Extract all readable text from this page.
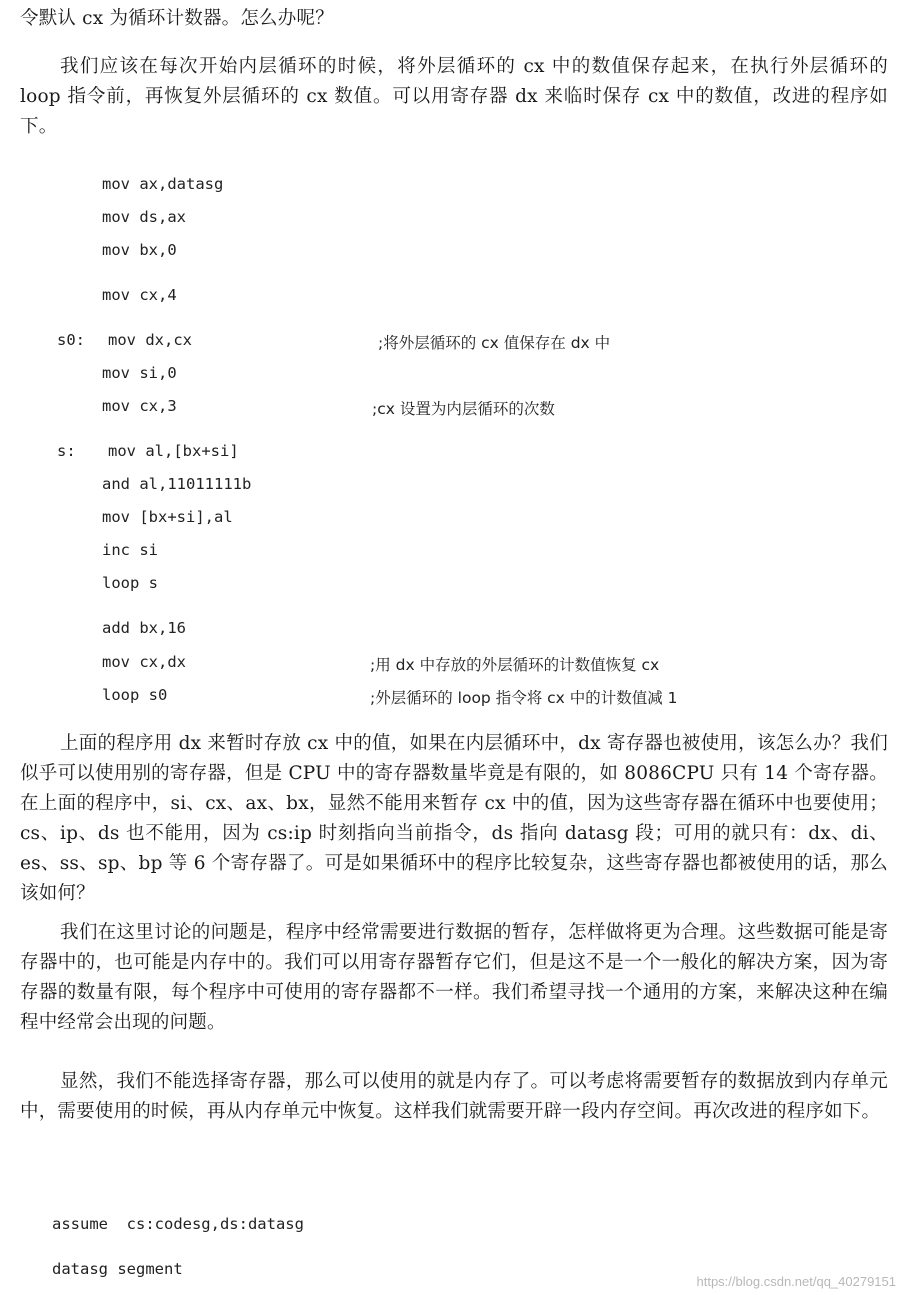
令默认 cx 为循环计数器。怎么办呢？

我们应该在每次开始内层循环的时候，将外层循环的 cx 中的数值保存起来，在执行外层循环的 loop 指令前，再恢复外层循环的 cx 数值。可以用寄存器 dx 来临时保存 cx 中的数值，改进的程序如下。

mov ax,datasg
mov ds,ax
mov bx,0
mov cx,4
s0: mov dx,cx	;将外层循环的 cx 值保存在 dx 中
mov si,0
mov cx,3	;cx 设置为内层循环的次数
s: mov al,[bx+si]
and al,11011111b
mov [bx+si],al
inc si
loop s
add bx,16
mov cx,dx	;用 dx 中存放的外层循环的计数值恢复 cx
loop s0	;外层循环的 loop 指令将 cx 中的计数值减 1

上面的程序用 dx 来暂时存放 cx 中的值，如果在内层循环中，dx 寄存器也被使用，该怎么办？我们似乎可以使用别的寄存器，但是 CPU 中的寄存器数量毕竟是有限的，如 8086CPU 只有 14 个寄存器。在上面的程序中，si、cx、ax、bx，显然不能用来暂存 cx 中的值，因为这些寄存器在循环中也要使用；cs、ip、ds 也不能用，因为 cs:ip 时刻指向当前指令，ds 指向 datasg 段；可用的就只有：dx、di、es、ss、sp、bp 等 6 个寄存器了。可是如果循环中的程序比较复杂，这些寄存器也都被使用的话，那么该如何？

我们在这里讨论的问题是，程序中经常需要进行数据的暂存，怎样做将更为合理。这些数据可能是寄存器中的，也可能是内存中的。我们可以用寄存器暂存它们，但是这不是一个一般化的解决方案，因为寄存器的数量有限，每个程序中可使用的寄存器都不一样。我们希望寻找一个通用的方案，来解决这种在编程中经常会出现的问题。

显然，我们不能选择寄存器，那么可以使用的就是内存了。可以考虑将需要暂存的数据放到内存单元中，需要使用的时候，再从内存单元中恢复。这样我们就需要开辟一段内存空间。再次改进的程序如下。

assume  cs:codesg,ds:datasg
datasg segment
https://blog.csdn.net/qq_40279151
